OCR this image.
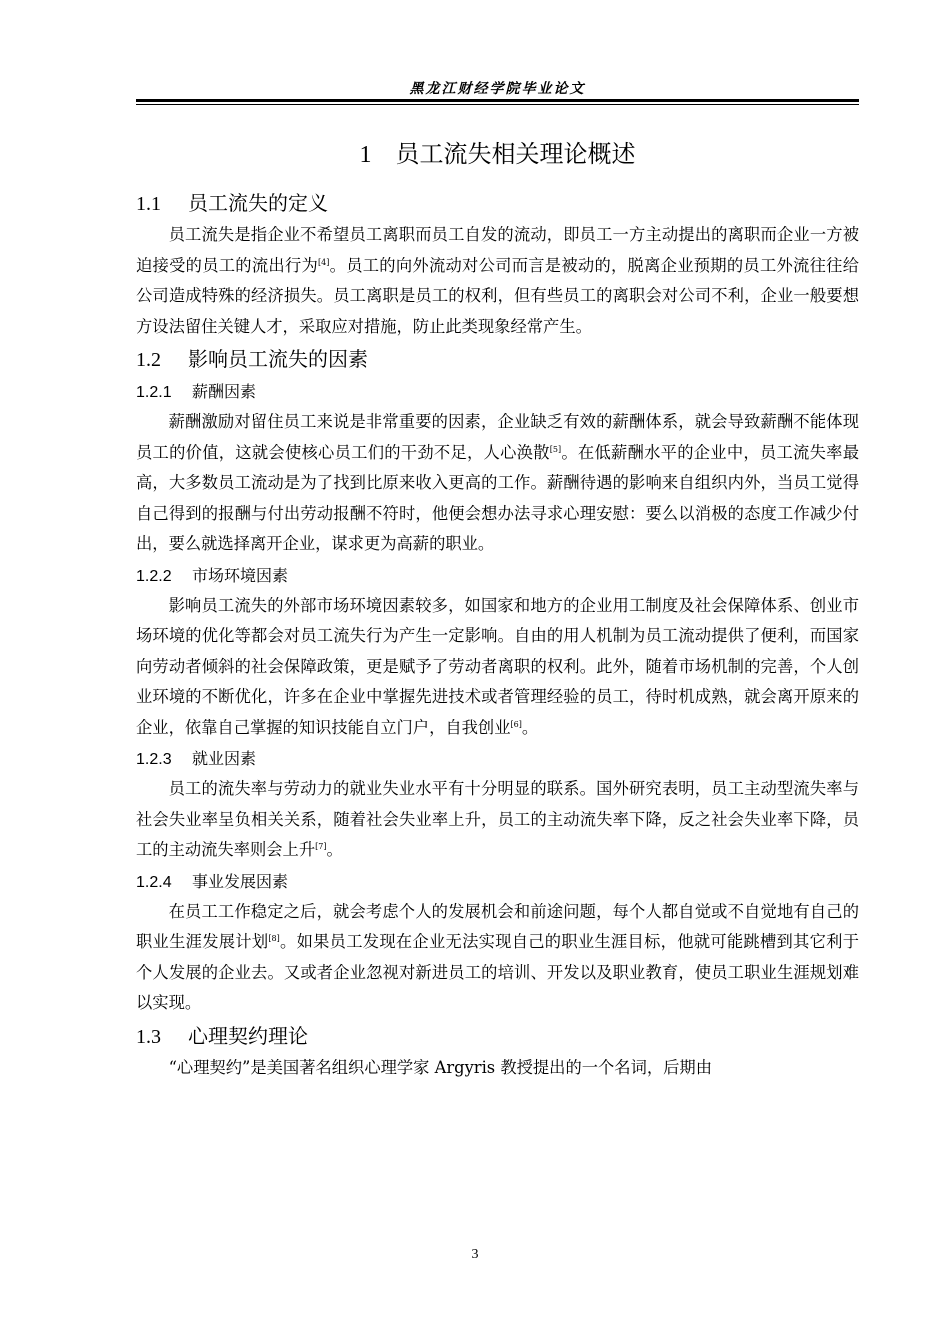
黑龙江财经学院毕业论文
1 员工流失相关理论概述
1.1 员工流失的定义

员工流失是指企业不希望员工离职而员工自发的流动，即员工一方主动提出的离职而企业一方被迫接受的员工的流出行为[4]。员工的向外流动对公司而言是被动的，脱离企业预期的员工外流往往给公司造成特殊的经济损失。员工离职是员工的权利，但有些员工的离职会对公司不利，企业一般要想方设法留住关键人才，采取应对措施，防止此类现象经常产生。

1.2 影响员工流失的因素
1.2.1 薪酬因素

薪酬激励对留住员工来说是非常重要的因素，企业缺乏有效的薪酬体系，就会导致薪酬不能体现员工的价值，这就会使核心员工们的干劲不足，人心涣散[5]。在低薪酬水平的企业中，员工流失率最高，大多数员工流动是为了找到比原来收入更高的工作。薪酬待遇的影响来自组织内外，当员工觉得自己得到的报酬与付出劳动报酬不符时，他便会想办法寻求心理安慰：要么以消极的态度工作减少付出，要么就选择离开企业，谋求更为高薪的职业。

1.2.2 市场环境因素

影响员工流失的外部市场环境因素较多，如国家和地方的企业用工制度及社会保障体系、创业市场环境的优化等都会对员工流失行为产生一定影响。自由的用人机制为员工流动提供了便利，而国家向劳动者倾斜的社会保障政策，更是赋予了劳动者离职的权利。此外，随着市场机制的完善，个人创业环境的不断优化，许多在企业中掌握先进技术或者管理经验的员工，待时机成熟，就会离开原来的企业，依靠自己掌握的知识技能自立门户，自我创业[6]。

1.2.3 就业因素

员工的流失率与劳动力的就业失业水平有十分明显的联系。国外研究表明，员工主动型流失率与社会失业率呈负相关关系，随着社会失业率上升，员工的主动流失率下降，反之社会失业率下降，员工的主动流失率则会上升[7]。

1.2.4 事业发展因素

在员工工作稳定之后，就会考虑个人的发展机会和前途问题，每个人都自觉或不自觉地有自己的职业生涯发展计划[8]。如果员工发现在企业无法实现自己的职业生涯目标，他就可能跳槽到其它利于个人发展的企业去。又或者企业忽视对新进员工的培训、开发以及职业教育，使员工职业生涯规划难以实现。

1.3 心理契约理论

“心理契约”是美国著名组织心理学家 Argyris 教授提出的一个名词，后期由

3
